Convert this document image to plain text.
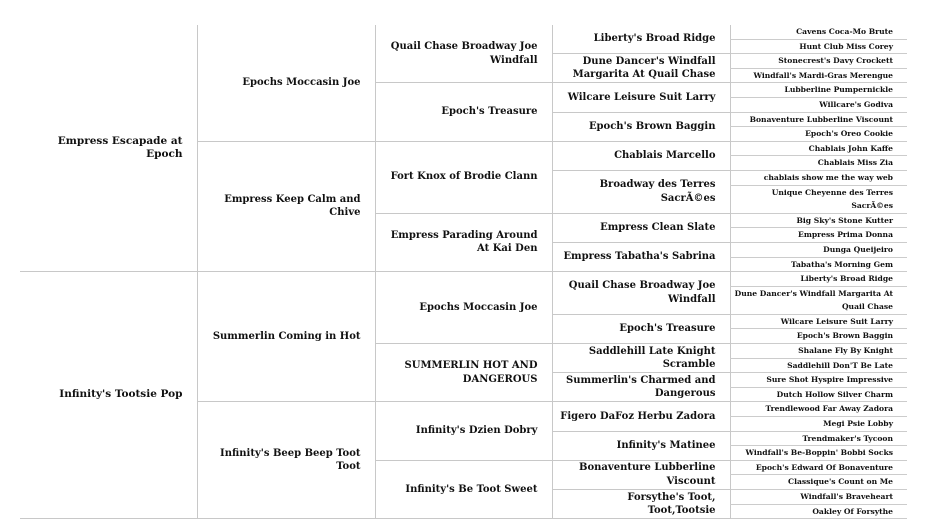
Empress Escapade at Epoch	Epochs Moccasin Joe	Quail Chase Broadway Joe Windfall	Liberty's Broad Ridge	Cavens Coca-Mo Brute
				Hunt Club Miss Corey
			Dune Dancer's Windfall Margarita At Quail Chase	Stonecrest's Davy Crockett
				Windfall's Mardi-Gras Merengue
		Epoch's Treasure	Wilcare Leisure Suit Larry	Lubberline Pumpernickle
				Willcare's Godiva
			Epoch's Brown Baggin	Bonaventure Lubberline Viscount
				Epoch's Oreo Cookie
	Empress Keep Calm and Chive	Fort Knox of Brodie Clann	Chablais Marcello	Chablais John Kaffe
				Chablais Miss Zia
			Broadway des Terres SacrÃ©es	chablais show me the way web
				Unique Cheyenne des Terres SacrÃ©es
		Empress Parading Around At Kai Den	Empress Clean Slate	Big Sky's Stone Kutter
				Empress Prima Donna
			Empress Tabatha's Sabrina	Dunga Queijeiro
				Tabatha's Morning Gem
Infinity's Tootsie Pop	Summerlin Coming in Hot	Epochs Moccasin Joe	Quail Chase Broadway Joe Windfall	Liberty's Broad Ridge
				Dune Dancer's Windfall Margarita At Quail Chase
			Epoch's Treasure	Wilcare Leisure Suit Larry
				Epoch's Brown Baggin
		SUMMERLIN HOT AND DANGEROUS	Saddlehill Late Knight Scramble	Shalane Fly By Knight
				Saddlehill Don'T Be Late
			Summerlin's Charmed and Dangerous	Sure Shot Hyspire Impressive
				Dutch Hollow Silver Charm
	Infinity's Beep Beep Toot Toot	Infinity's Dzien Dobry	Figero DaFoz Herbu Zadora	Trendlewood Far Away Zadora
				Megi Psie Lobby
			Infinity's Matinee	Trendmaker's Tycoon
				Windfall's Be-Boppin' Bobbi Socks
		Infinity's Be Toot Sweet	Bonaventure Lubberline Viscount	Epoch's Edward Of Bonaventure
				Classique's Count on Me
			Forsythe's Toot, Toot,Tootsie	Windfall's Braveheart
				Oakley Of Forsythe
